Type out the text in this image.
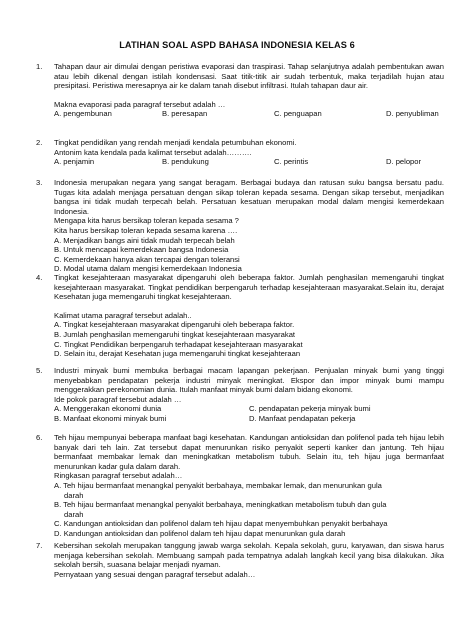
LATIHAN SOAL ASPD BAHASA INDONESIA KELAS 6
1. Tahapan daur air dimulai dengan peristiwa evaporasi dan traspirasi. Tahap selanjutnya adalah pembentukan awan atau lebih dikenal dengan istilah kondensasi. Saat titik-titik air sudah terbentuk, maka terjadilah hujan atau presipitasi. Peristiwa meresapnya air ke dalam tanah disebut infiltrasi. Itulah tahapan daur air.

Makna evaporasi pada paragraf tersebut adalah …

A. pengembunan	B. peresapan	C. penguapan	D. penyubliman
2. Tingkat pendidikan yang rendah menjadi kendala petumbuhan ekonomi.

Antonim kata kendala pada kalimat tersebut adalah……….

A. penjamin	B. pendukung	C. perintis	D. pelopor
3. Indonesia merupakan negara yang sangat beragam. Berbagai budaya dan ratusan suku bangsa bersatu padu. Tugas kita adalah menjaga persatuan dengan sikap toleran kepada sesama. Dengan sikap tersebut, menjadikan bangsa ini tidak mudah terpecah belah. Persatuan kesatuan merupakan modal dalam mengisi kemerdekaan Indonesia.

Mengapa kita harus bersikap toleran kepada sesama ?

Kita harus bersikap toleran kepada sesama karena ….

A. Menjadikan bangs aini tidak mudah terpecah belah
B. Untuk mencapai kemerdekaan bangsa Indonesia
C. Kemerdekaan hanya akan tercapai dengan toleransi
D. Modal utama dalam mengisi kemerdekaan Indonesia
4. Tingkat kesejahteraan masyarakat dipengaruhi oleh beberapa faktor. Jumlah penghasilan memengaruhi tingkat kesejahteraan masyarakat. Tingkat pendidikan berpengaruh terhadap kesejahteraan masyarakat.Selain itu, derajat Kesehatan juga memengaruhi tingkat kesejahteraan.

Kalimat utama paragraf tersebut adalah..

A. Tingkat kesejahteraan masyarakat dipengaruhi oleh beberapa faktor.
B. Jumlah penghasilan memengaruhi tingkat kesejahteraan masyarakat
C. Tingkat Pendidikan berpengaruh terhadapat kesejahteraan masyarakat
D. Selain itu, derajat Kesehatan juga memengaruhi tingkat kesejahteraan
5. Industri minyak bumi membuka berbagai macam lapangan pekerjaan. Penjualan minyak bumi yang tinggi menyebabkan pendapatan pekerja industri minyak meningkat. Ekspor dan impor minyak bumi mampu menggerakkan perekonomian dunia. Itulah manfaat minyak bumi dalam bidang ekonomi.

Ide pokok paragraf tersebut adalah …

A. Menggerakan ekonomi dunia	C. pendapatan pekerja minyak bumi
B. Manfaat ekonomi minyak bumi	D. Manfaat pendapatan pekerja
6. Teh hijau mempunyai beberapa manfaat bagi kesehatan. Kandungan antioksidan dan polifenol pada teh hijau lebih banyak dari teh lain. Zat tersebut dapat menurunkan risiko penyakit seperti kanker dan jantung. Teh hijau bermanfaat membakar lemak dan meningkatkan metabolism tubuh. Selain itu, teh hijau juga bermanfaat menurunkan kadar gula dalam darah.

Ringkasan paragraf tersebut adalah…

A. Teh hijau bermanfaat menangkal penyakit berbahaya, membakar lemak, dan menurunkan gula
darah
B. Teh hijau bermanfaat menangkal penyakit berbahaya, meningkatkan metabolism tubuh dan gula
darah
C. Kandungan antioksidan dan polifenol dalam teh hijau dapat menyembuhkan penyakit berbahaya
D. Kandungan antioksidan dan polifenol dalam teh hijau dapat menurunkan gula darah
7. Kebersihan sekolah merupakan tanggung jawab warga sekolah. Kepala sekolah, guru, karyawan, dan siswa harus menjaga kebersihan sekolah. Membuang sampah pada tempatnya adalah langkah kecil yang bisa dilakukan. Jika sekolah bersih, suasana belajar menjadi nyaman.

Pernyataan yang sesuai dengan paragraf tersebut adalah…
